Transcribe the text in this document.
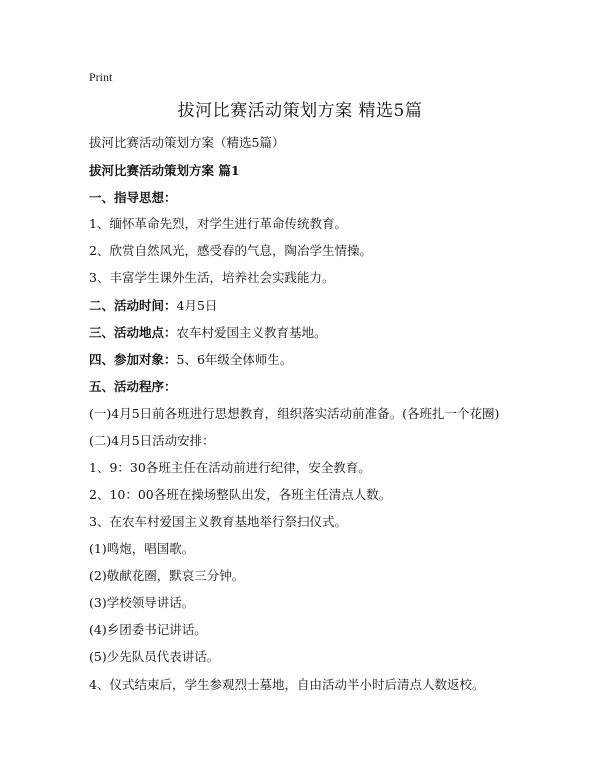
Print
拔河比赛活动策划方案 精选5篇

拔河比赛活动策划方案（精选5篇）

拔河比赛活动策划方案 篇1

一、指导思想：

1、缅怀革命先烈，对学生进行革命传统教育。

2、欣赏自然风光，感受春的气息，陶冶学生情操。

3、丰富学生课外生活，培养社会实践能力。

二、活动时间：4月5日

三、活动地点：农车村爱国主义教育基地。

四、参加对象：5、6年级全体师生。

五、活动程序：

(一)4月5日前各班进行思想教育，组织落实活动前准备。(各班扎一个花圈)

(二)4月5日活动安排：

1、9：30各班主任在活动前进行纪律，安全教育。

2、10：00各班在操场整队出发，各班主任清点人数。

3、在农车村爱国主义教育基地举行祭扫仪式。

(1)鸣炮，唱国歌。

(2)敬献花圈，默哀三分钟。

(3)学校领导讲话。

(4)乡团委书记讲话。

(5)少先队员代表讲话。

4、仪式结束后，学生参观烈士墓地，自由活动半小时后清点人数返校。
